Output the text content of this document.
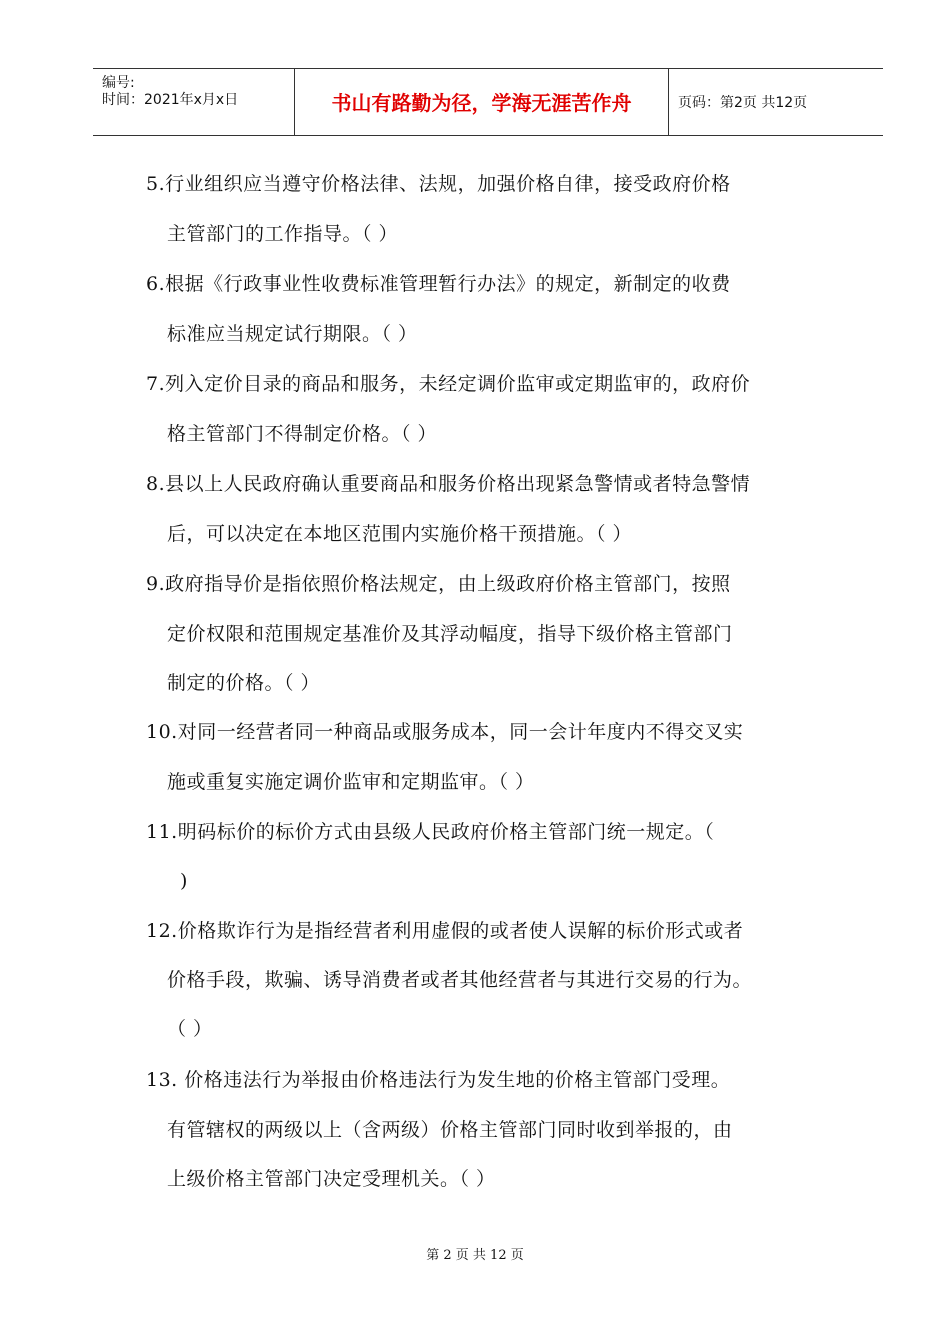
编号:
时间：2021年x月x日	书山有路勤为径，学海无涯苦作舟	页码：第2页 共12页
5.行业组织应当遵守价格法律、法规，加强价格自律，接受政府价格
主管部门的工作指导。（ ）
6.根据《行政事业性收费标准管理暂行办法》的规定，新制定的收费
标准应当规定试行期限。（ ）
7.列入定价目录的商品和服务，未经定调价监审或定期监审的，政府价
格主管部门不得制定价格。（ ）
8.县以上人民政府确认重要商品和服务价格出现紧急警情或者特急警情
后，可以决定在本地区范围内实施价格干预措施。（ ）
9.政府指导价是指依照价格法规定，由上级政府价格主管部门，按照
定价权限和范围规定基准价及其浮动幅度，指导下级价格主管部门
制定的价格。（ ）
10.对同一经营者同一种商品或服务成本，同一会计年度内不得交叉实
施或重复实施定调价监审和定期监审。（ ）
11.明码标价的标价方式由县级人民政府价格主管部门统一规定。（
)
12.价格欺诈行为是指经营者利用虚假的或者使人误解的标价形式或者
价格手段，欺骗、诱导消费者或者其他经营者与其进行交易的行为。
（ ）
13. 价格违法行为举报由价格违法行为发生地的价格主管部门受理。
有管辖权的两级以上（含两级）价格主管部门同时收到举报的，由
上级价格主管部门决定受理机关。（ ）
第 2 页 共 12 页
